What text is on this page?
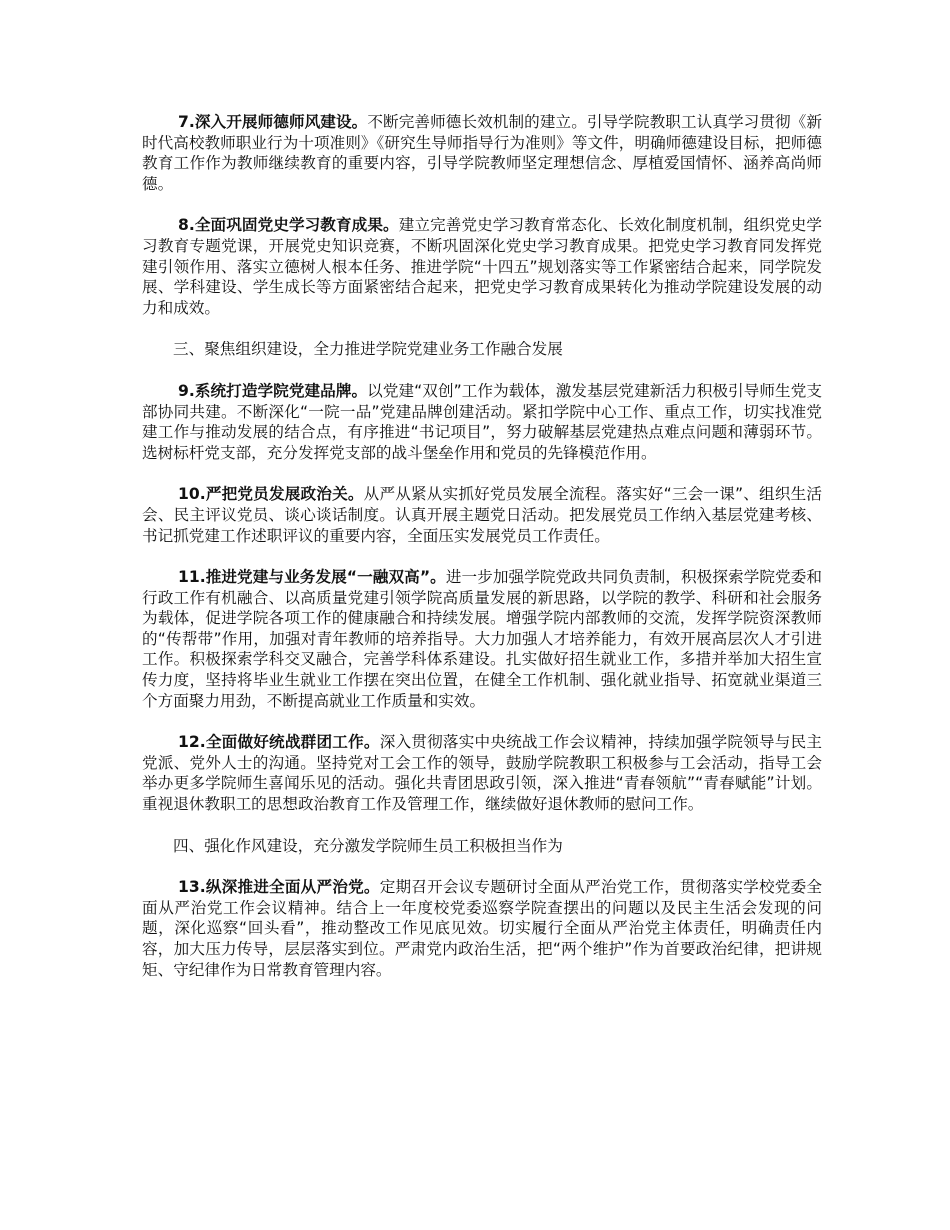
7.深入开展师德师风建设。不断完善师德长效机制的建立。引导学院教职工认真学习贯彻《新时代高校教师职业行为十项准则》《研究生导师指导行为准则》等文件，明确师德建设目标，把师德教育工作作为教师继续教育的重要内容，引导学院教师坚定理想信念、厚植爱国情怀、涵养高尚师德。

8.全面巩固党史学习教育成果。建立完善党史学习教育常态化、长效化制度机制，组织党史学习教育专题党课，开展党史知识竞赛，不断巩固深化党史学习教育成果。把党史学习教育同发挥党建引领作用、落实立德树人根本任务、推进学院“十四五”规划落实等工作紧密结合起来，同学院发展、学科建设、学生成长等方面紧密结合起来，把党史学习教育成果转化为推动学院建设发展的动力和成效。

三、聚焦组织建设，全力推进学院党建业务工作融合发展

9.系统打造学院党建品牌。以党建“双创”工作为载体，激发基层党建新活力积极引导师生党支部协同共建。不断深化“一院一品”党建品牌创建活动。紧扣学院中心工作、重点工作，切实找准党建工作与推动发展的结合点，有序推进“书记项目”，努力破解基层党建热点难点问题和薄弱环节。选树标杆党支部，充分发挥党支部的战斗堡垒作用和党员的先锋模范作用。

10.严把党员发展政治关。从严从紧从实抓好党员发展全流程。落实好“三会一课”、组织生活会、民主评议党员、谈心谈话制度。认真开展主题党日活动。把发展党员工作纳入基层党建考核、书记抓党建工作述职评议的重要内容，全面压实发展党员工作责任。

11.推进党建与业务发展“一融双高”。进一步加强学院党政共同负责制，积极探索学院党委和行政工作有机融合、以高质量党建引领学院高质量发展的新思路，以学院的教学、科研和社会服务为载体，促进学院各项工作的健康融合和持续发展。增强学院内部教师的交流，发挥学院资深教师的“传帮带”作用，加强对青年教师的培养指导。大力加强人才培养能力，有效开展高层次人才引进工作。积极探索学科交叉融合，完善学科体系建设。扎实做好招生就业工作，多措并举加大招生宣传力度，坚持将毕业生就业工作摆在突出位置，在健全工作机制、强化就业指导、拓宽就业渠道三个方面聚力用劲，不断提高就业工作质量和实效。

12.全面做好统战群团工作。深入贯彻落实中央统战工作会议精神，持续加强学院领导与民主党派、党外人士的沟通。坚持党对工会工作的领导，鼓励学院教职工积极参与工会活动，指导工会举办更多学院师生喜闻乐见的活动。强化共青团思政引领，深入推进“青春领航”“青春赋能”计划。重视退休教职工的思想政治教育工作及管理工作，继续做好退休教师的慰问工作。

四、强化作风建设，充分激发学院师生员工积极担当作为

13.纵深推进全面从严治党。定期召开会议专题研讨全面从严治党工作，贯彻落实学校党委全面从严治党工作会议精神。结合上一年度校党委巡察学院查摆出的问题以及民主生活会发现的问题，深化巡察“回头看”，推动整改工作见底见效。切实履行全面从严治党主体责任，明确责任内容，加大压力传导，层层落实到位。严肃党内政治生活，把“两个维护”作为首要政治纪律，把讲规矩、守纪律作为日常教育管理内容。
